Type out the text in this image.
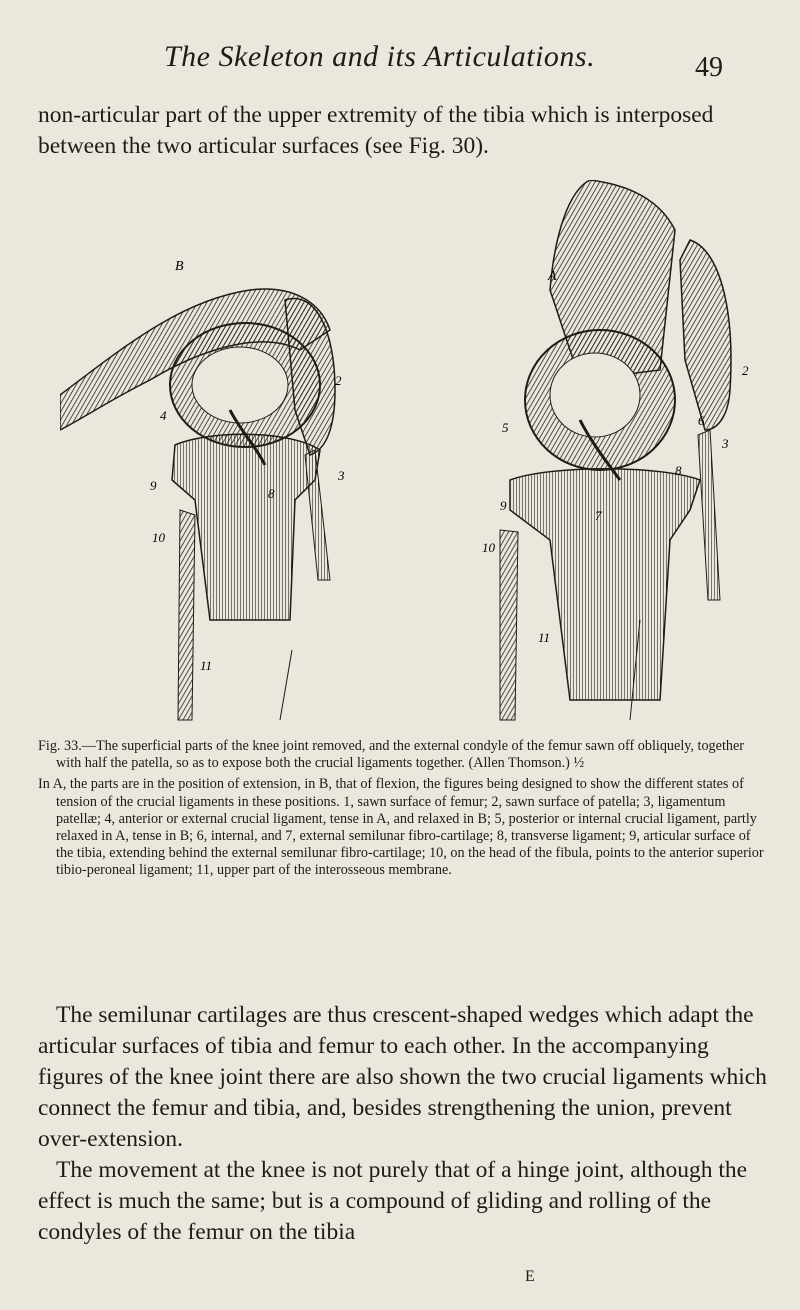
The Skeleton and its Articulations.	49

non-articular part of the upper extremity of the tibia which is interposed between the two articular surfaces (see Fig. 30).

B
2
3
4
8
9
10
11
A
2
3
5	6
7
8
9
10
11

Fig. 33.—The superficial parts of the knee joint removed, and the external condyle of the femur sawn off obliquely, together with half the patella, so as to expose both the crucial ligaments together. (Allen Thomson.) ½

In A, the parts are in the position of extension, in B, that of flexion, the figures being designed to show the different states of tension of the crucial ligaments in these positions. 1, sawn surface of femur; 2, sawn surface of patella; 3, ligamentum patellæ; 4, anterior or external crucial ligament, tense in A, and relaxed in B; 5, posterior or internal crucial ligament, partly relaxed in A, tense in B; 6, internal, and 7, external semilunar fibro-cartilage; 8, transverse ligament; 9, articular surface of the tibia, extending behind the external semilunar fibro-cartilage; 10, on the head of the fibula, points to the anterior superior tibio-peroneal ligament; 11, upper part of the interosseous membrane.

The semilunar cartilages are thus crescent-shaped wedges which adapt the articular surfaces of tibia and femur to each other. In the accompanying figures of the knee joint there are also shown the two crucial ligaments which connect the femur and tibia, and, besides strengthening the union, prevent over-extension.

The movement at the knee is not purely that of a hinge joint, although the effect is much the same; but is a compound of gliding and rolling of the condyles of the femur on the tibia

E
